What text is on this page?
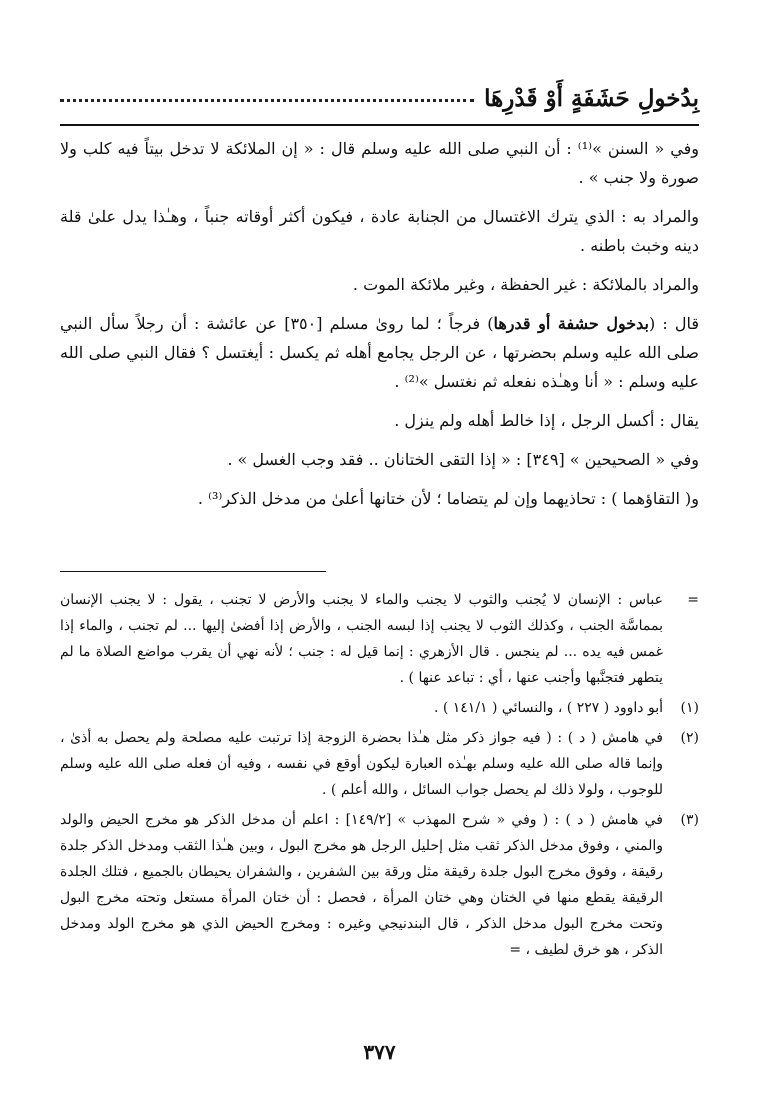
بِدُخولِ حَشَفَةٍ أَوْ قَدْرِهَا

وفي « السنن »⁽¹⁾ : أن النبي صلى الله عليه وسلم قال : « إن الملائكة لا تدخل بيتاً فيه كلب ولا صورة ولا جنب » .

والمراد به : الذي يترك الاغتسال من الجنابة عادة ، فيكون أكثر أوقاته جنباً ، وهـٰذا يدل علىٰ قلة دينه وخبث باطنه .

والمراد بالملائكة : غير الحفظة ، وغير ملائكة الموت .

قال : (بدخول حشفة أو قدرها) فرجاً ؛ لما روىٰ مسلم [٣٥٠] عن عائشة : أن رجلاً سأل النبي صلى الله عليه وسلم بحضرتها ، عن الرجل يجامع أهله ثم يكسل : أيغتسل ؟ فقال النبي صلى الله عليه وسلم : « أنا وهـٰذه نفعله ثم نغتسل »⁽²⁾ .

يقال : أكسل الرجل ، إذا خالط أهله ولم ينزل .

وفي « الصحيحين » [٣٤٩] : « إذا التقى الختانان .. فقد وجب الغسل » .

و( التقاؤهما ) : تحاذيهما وإن لم يتضاما ؛ لأن ختانها أعلىٰ من مدخل الذكر⁽³⁾ .

=
عباس : الإنسان لا يُجنب والثوب لا يجنب والماء لا يجنب والأرض لا تجنب ، يقول : لا يجنب الإنسان بمماسَّة الجنب ، وكذلك الثوب لا يجنب إذا لبسه الجنب ، والأرض إذا أفضىٰ إليها ... لم تجنب ، والماء إذا غمس فيه يده ... لم ينجس . قال الأزهري : إنما قيل له : جنب ؛ لأنه نهي أن يقرب مواضع الصلاة ما لم يتطهر فتجنَّبها وأجنب عنها ، أي : تباعد عنها ) .
(١)
أبو داوود ( ٢٢٧ ) ، والنسائي ( ١٤١/١ ) .
(٢)
في هامش ( د ) : ( فيه جواز ذكر مثل هـٰذا بحضرة الزوجة إذا ترتبت عليه مصلحة ولم يحصل به أذىٰ ، وإنما قاله صلى الله عليه وسلم بهـٰذه العبارة ليكون أوقع في نفسه ، وفيه أن فعله صلى الله عليه وسلم للوجوب ، ولولا ذلك لم يحصل جواب السائل ، والله أعلم ) .
(٣)
في هامش ( د ) : ( وفي « شرح المهذب » [١٤٩/٢] : اعلم أن مدخل الذكر هو مخرج الحيض والولد والمني ، وفوق مدخل الذكر ثقب مثل إحليل الرجل هو مخرج البول ، وبين هـٰذا الثقب ومدخل الذكر جلدة رقيقة ، وفوق مخرج البول جلدة رقيقة مثل ورقة بين الشفرين ، والشفران يحيطان بالجميع ، فتلك الجلدة الرقيقة يقطع منها في الختان وهي ختان المرأة ، فحصل : أن ختان المرأة مستعل وتحته مخرج البول وتحت مخرج البول مدخل الذكر ، قال البندنيجي وغيره : ومخرج الحيض الذي هو مخرج الولد ومدخل الذكر ، هو خرق لطيف ، =
٣٧٧
